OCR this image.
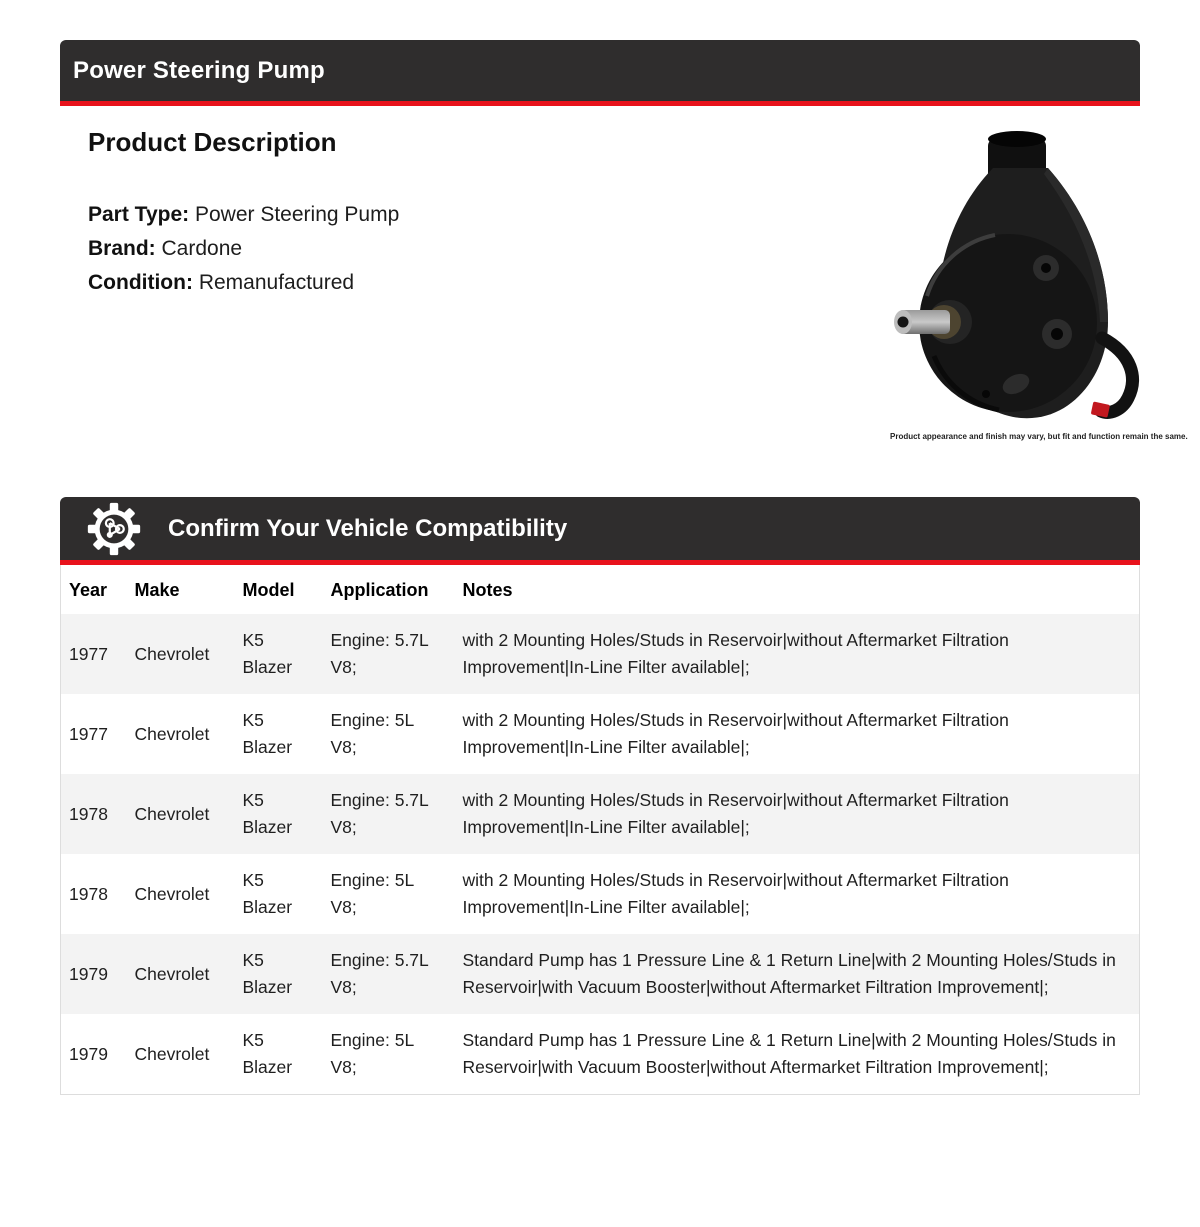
Power Steering Pump
Product Description
Part Type: Power Steering Pump
Brand: Cardone
Condition: Remanufactured
Product appearance and finish may vary, but fit and function remain the same.
Confirm Your Vehicle Compatibility
Year	Make	Model	Application	Notes
1977	Chevrolet	K5 Blazer	Engine: 5.7L V8;	with 2 Mounting Holes/Studs in Reservoir|without Aftermarket Filtration Improvement|In-Line Filter available|;
1977	Chevrolet	K5 Blazer	Engine: 5L V8;	with 2 Mounting Holes/Studs in Reservoir|without Aftermarket Filtration Improvement|In-Line Filter available|;
1978	Chevrolet	K5 Blazer	Engine: 5.7L V8;	with 2 Mounting Holes/Studs in Reservoir|without Aftermarket Filtration Improvement|In-Line Filter available|;
1978	Chevrolet	K5 Blazer	Engine: 5L V8;	with 2 Mounting Holes/Studs in Reservoir|without Aftermarket Filtration Improvement|In-Line Filter available|;
1979	Chevrolet	K5 Blazer	Engine: 5.7L V8;	Standard Pump has 1 Pressure Line & 1 Return Line|with 2 Mounting Holes/Studs in Reservoir|with Vacuum Booster|without Aftermarket Filtration Improvement|;
1979	Chevrolet	K5 Blazer	Engine: 5L V8;	Standard Pump has 1 Pressure Line & 1 Return Line|with 2 Mounting Holes/Studs in Reservoir|with Vacuum Booster|without Aftermarket Filtration Improvement|;
